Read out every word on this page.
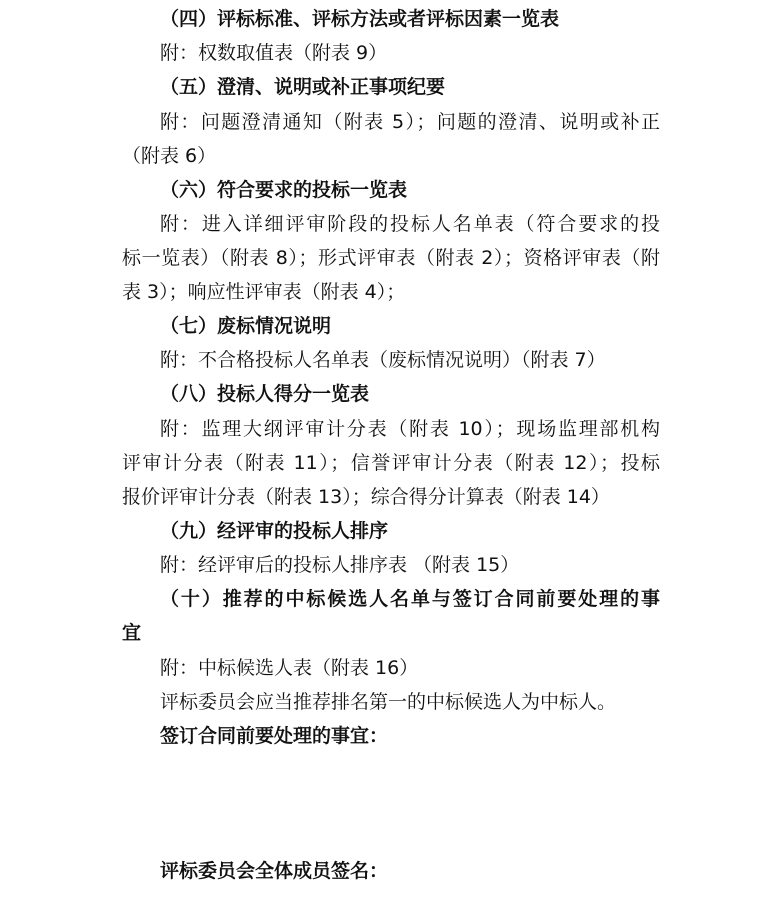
（四）评标标准、评标方法或者评标因素一览表
附：权数取值表（附表 9）
（五）澄清、说明或补正事项纪要
附：问题澄清通知（附表 5）；问题的澄清、说明或补正
（附表 6）
（六）符合要求的投标一览表
附：进入详细评审阶段的投标人名单表（符合要求的投
标一览表）（附表 8）；形式评审表（附表 2）；资格评审表（附
表 3）；响应性评审表（附表 4）；
（七）废标情况说明
附：不合格投标人名单表（废标情况说明）（附表 7）
（八）投标人得分一览表
附：监理大纲评审计分表（附表 10）；现场监理部机构
评审计分表（附表 11）；信誉评审计分表（附表 12）；投标
报价评审计分表（附表 13）；综合得分计算表（附表 14）
（九）经评审的投标人排序
附：经评审后的投标人排序表 （附表 15）
（十）推荐的中标候选人名单与签订合同前要处理的事
宜
附：中标候选人表（附表 16）
评标委员会应当推荐排名第一的中标候选人为中标人。
签订合同前要处理的事宜：
评标委员会全体成员签名：
